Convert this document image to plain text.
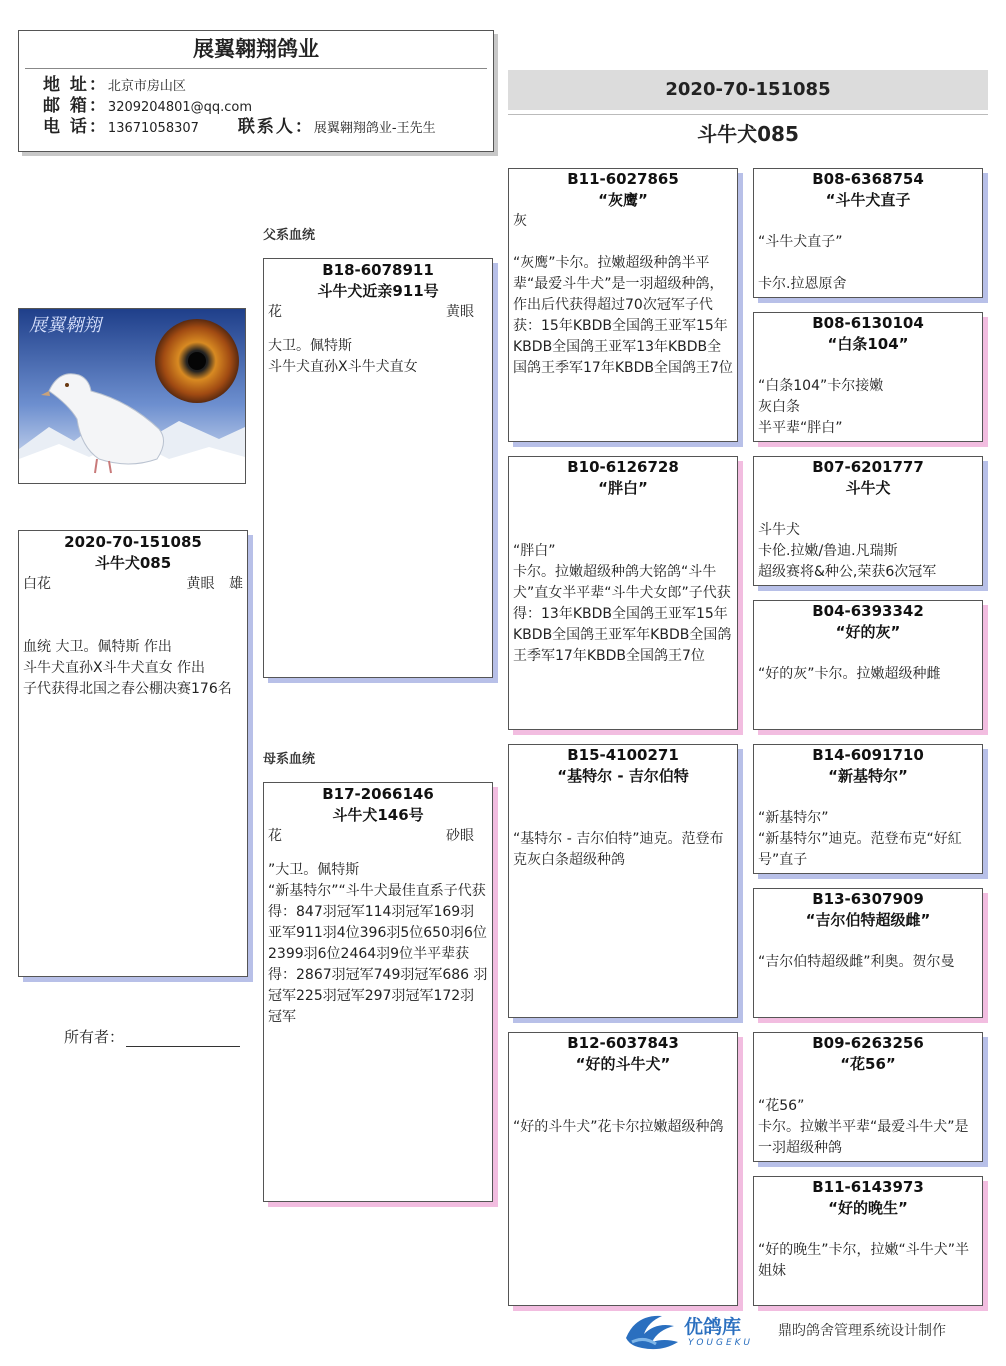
展翼翱翔鸽业
地 址： 北京市房山区
邮 箱： 3209204801@qq.com
电 话： 13671058307	联系人： 展翼翱翔鸽业-王先生
2020-70-151085
斗牛犬085
父系血统
母系血统
展翼翱翔
2020-70-151085
斗牛犬085
白花	黄眼 雄
血统 大卫。佩特斯 作出
斗牛犬直孙X斗牛犬直女 作出
子代获得北国之春公棚决赛176名
所有者：
B18-6078911
斗牛犬近亲911号
花	黄眼
大卫。佩特斯
斗牛犬直孙X斗牛犬直女
B17-2066146
斗牛犬146号
花	砂眼
”大卫。佩特斯
“新基特尔”“斗牛犬最佳直系子代获得：847羽冠军114羽冠军169羽亚军911羽4位396羽5位650羽6位2399羽6位2464羽9位半平辈获得：2867羽冠军749羽冠军686 羽冠军225羽冠军297羽冠军172羽冠军
B11-6027865
“灰鹰”
灰

“灰鹰”卡尔。拉嫩超级种鸽半平辈“最爱斗牛犬”是一羽超级种鸽，作出后代获得超过70次冠军子代获：15年KBDB全国鸽王亚军15年KBDB全国鸽王亚军13年KBDB全国鸽王季军17年KBDB全国鸽王7位
B10-6126728
“胖白”

“胖白”
卡尔。拉嫩超级种鸽大铭鸽“斗牛犬”直女半平辈“斗牛犬女郎”子代获得：13年KBDB全国鸽王亚军15年KBDB全国鸽王亚军年KBDB全国鸽王季军17年KBDB全国鸽王7位
B15-4100271
“基特尔 - 吉尔伯特

“基特尔 - 吉尔伯特”迪克。范登布克灰白条超级种鸽
B12-6037843
“好的斗牛犬”

“好的斗牛犬”花卡尔拉嫩超级种鸽
B08-6368754
“斗牛犬直子

“斗牛犬直子”

卡尔.拉恩原舍
B08-6130104
“白条104”

“白条104”卡尔接嫩
灰白条
半平辈“胖白”
B07-6201777
斗牛犬

斗牛犬
卡伦.拉嫩/鲁迪.凡瑞斯
超级赛将&种公,荣获6次冠军
B04-6393342
“好的灰”

“好的灰”卡尔。拉嫩超级种雌
B14-6091710
“新基特尔”

“新基特尔”
“新基特尔”迪克。范登布克“好紅号”直子
B13-6307909
“吉尔伯特超级雌”

“吉尔伯特超级雌”利奥。贺尔曼
B09-6263256
“花56”

“花56”
卡尔。拉嫩半平辈“最爱斗牛犬”是一羽超级种鸽
B11-6143973
“好的晚生”

“好的晚生”卡尔，拉嫩“斗牛犬”半姐妹
优鸽库
YOUGEKU
鼎昀鸽舍管理系统设计制作
